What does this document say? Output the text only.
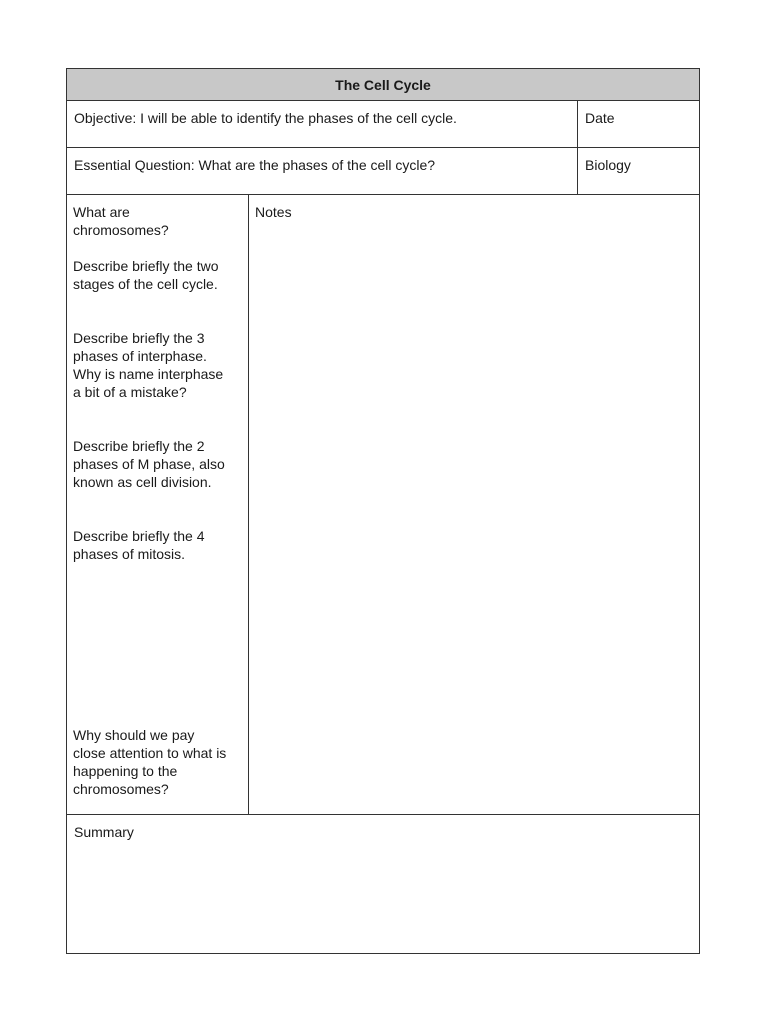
The Cell Cycle
Objective: I will be able to identify the phases of the cell cycle.	Date
Essential Question: What are the phases of the cell cycle?	Biology
What are
chromosomes?
Describe briefly the two
stages of the cell cycle.
Describe briefly the 3
phases of interphase.
Why is name interphase
a bit of a mistake?
Describe briefly the 2
phases of M phase, also
known as cell division.
Describe briefly the 4
phases of mitosis.
Why should we pay
close attention to what is
happening to the
chromosomes?
Notes
Summary
